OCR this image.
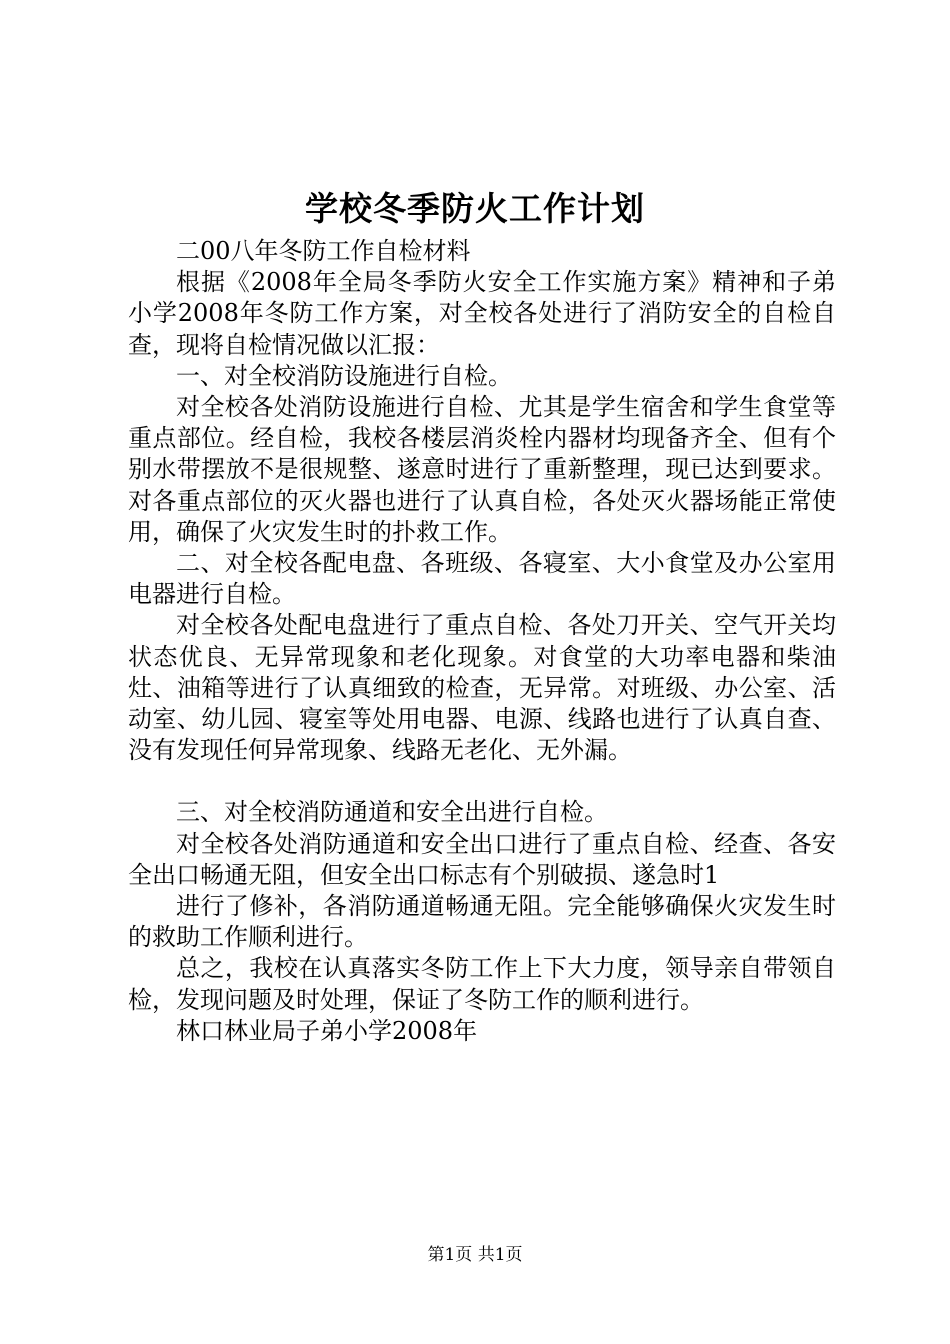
学校冬季防火工作计划

二00八年冬防工作自检材料

根据《2008年全局冬季防火安全工作实施方案》精神和子弟小学2008年冬防工作方案，对全校各处进行了消防安全的自检自查，现将自检情况做以汇报：

一、对全校消防设施进行自检。

对全校各处消防设施进行自检、尤其是学生宿舍和学生食堂等重点部位。经自检，我校各楼层消炎栓内器材均现备齐全、但有个别水带摆放不是很规整、遂意时进行了重新整理，现已达到要求。对各重点部位的灭火器也进行了认真自检，各处灭火器场能正常使用，确保了火灾发生时的扑救工作。

二、对全校各配电盘、各班级、各寝室、大小食堂及办公室用电器进行自检。

对全校各处配电盘进行了重点自检、各处刀开关、空气开关均状态优良、无异常现象和老化现象。对食堂的大功率电器和柴油灶、油箱等进行了认真细致的检查，无异常。对班级、办公室、活动室、幼儿园、寝室等处用电器、电源、线路也进行了认真自查、没有发现任何异常现象、线路无老化、无外漏。

三、对全校消防通道和安全出进行自检。

对全校各处消防通道和安全出口进行了重点自检、经查、各安全出口畅通无阻，但安全出口标志有个别破损、遂急时1

进行了修补，各消防通道畅通无阻。完全能够确保火灾发生时的救助工作顺利进行。

总之，我校在认真落实冬防工作上下大力度，领导亲自带领自检，发现问题及时处理，保证了冬防工作的顺利进行。

林口林业局子弟小学2008年

第1页 共1页
